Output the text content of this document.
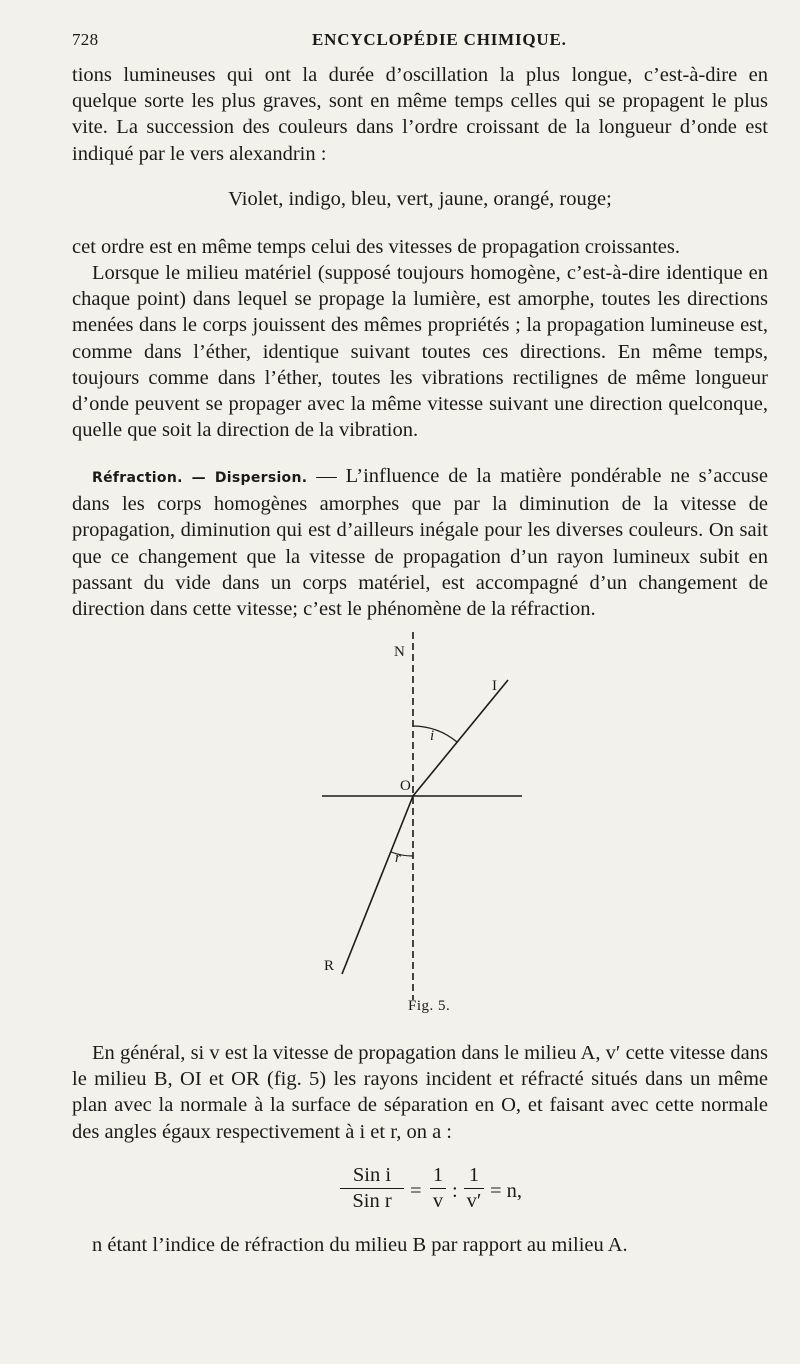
728	ENCYCLOPÉDIE CHIMIQUE.

tions lumineuses qui ont la durée d’oscillation la plus longue, c’est-à-dire en quelque sorte les plus graves, sont en même temps celles qui se propagent le plus vite. La succession des couleurs dans l’ordre croissant de la longueur d’onde est indiqué par le vers alexandrin :

Violet, indigo, bleu, vert, jaune, orangé, rouge;

cet ordre est en même temps celui des vitesses de propagation croissantes.

Lorsque le milieu matériel (supposé toujours homogène, c’est-à-dire identique en chaque point) dans lequel se propage la lumière, est amorphe, toutes les directions menées dans le corps jouissent des mêmes propriétés ; la propagation lumineuse est, comme dans l’éther, identique suivant toutes ces directions. En même temps, toujours comme dans l’éther, toutes les vibrations rectilignes de même longueur d’onde peuvent se propager avec la même vitesse suivant une direction quelconque, quelle que soit la direction de la vibration.

Réfraction. — Dispersion. — L’influence de la matière pondérable ne s’accuse dans les corps homogènes amorphes que par la diminution de la vitesse de propagation, diminution qui est d’ailleurs inégale pour les diverses couleurs. On sait que ce changement que la vitesse de propagation d’un rayon lumineux subit en passant du vide dans un corps matériel, est accompagné d’un changement de direction dans cette vitesse; c’est le phénomène de la réfraction.

N
I
i
O
r
R
Fig. 5.

En général, si v est la vitesse de propagation dans le milieu A, v′ cette vitesse dans le milieu B, OI et OR (fig. 5) les rayons incident et réfracté situés dans un même plan avec la normale à la surface de séparation en O, et faisant avec cette normale des angles égaux respectivement à i et r, on a :

Sin i
Sin r =
1
v :
1
v′ = n,

n étant l’indice de réfraction du milieu B par rapport au milieu A.
